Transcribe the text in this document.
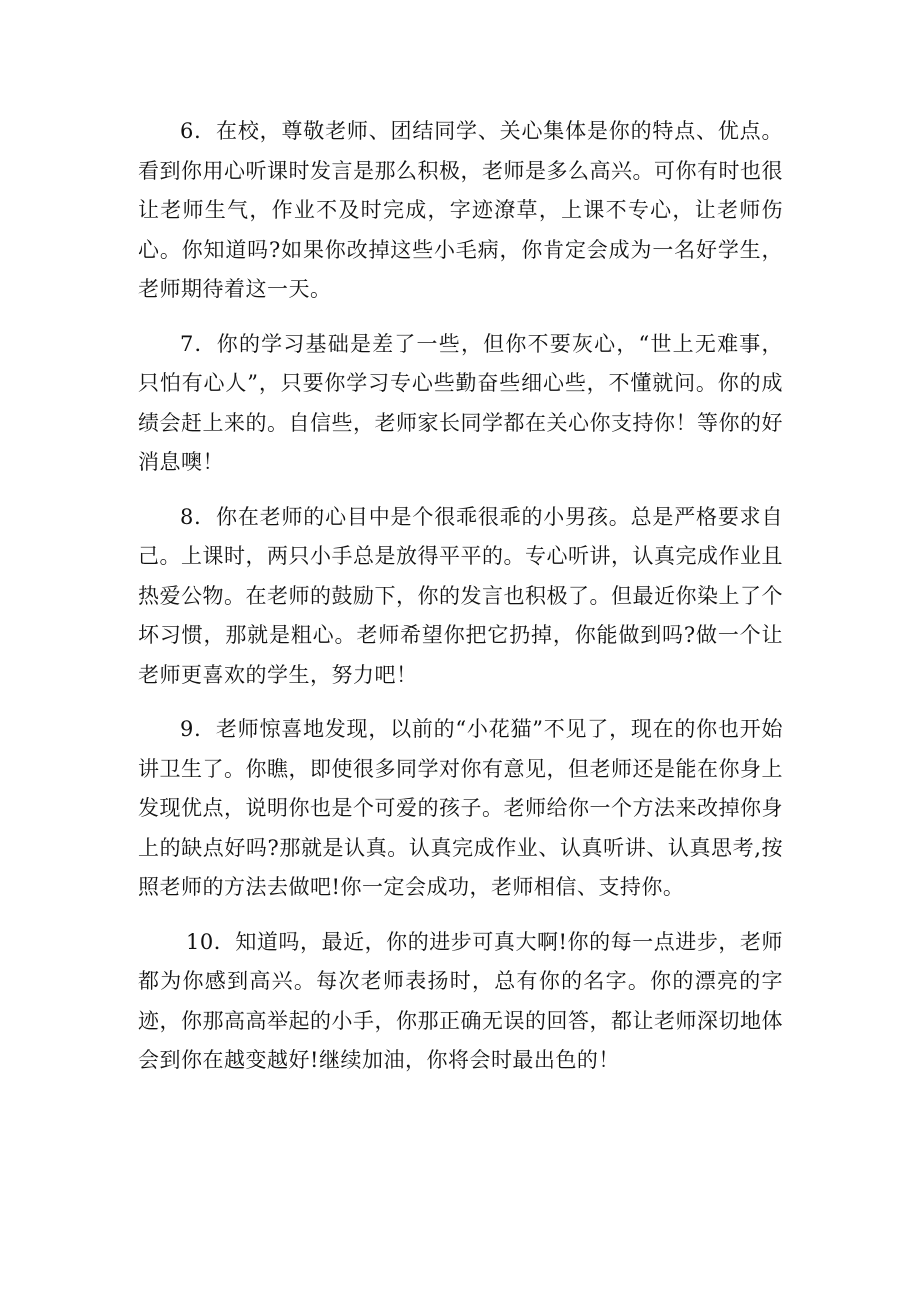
6．在校，尊敬老师、团结同学、关心集体是你的特点、优点。看到你用心听课时发言是那么积极，老师是多么高兴。可你有时也很让老师生气，作业不及时完成，字迹潦草，上课不专心，让老师伤心。你知道吗?如果你改掉这些小毛病，你肯定会成为一名好学生，老师期待着这一天。

7．你的学习基础是差了一些，但你不要灰心，“世上无难事，只怕有心人”，只要你学习专心些勤奋些细心些，不懂就问。你的成绩会赶上来的。自信些，老师家长同学都在关心你支持你！等你的好消息噢！

8．你在老师的心目中是个很乖很乖的小男孩。总是严格要求自己。上课时，两只小手总是放得平平的。专心听讲，认真完成作业且热爱公物。在老师的鼓励下，你的发言也积极了。但最近你染上了个坏习惯，那就是粗心。老师希望你把它扔掉，你能做到吗?做一个让老师更喜欢的学生，努力吧！

9．老师惊喜地发现，以前的“小花猫”不见了，现在的你也开始讲卫生了。你瞧，即使很多同学对你有意见，但老师还是能在你身上发现优点，说明你也是个可爱的孩子。老师给你一个方法来改掉你身上的缺点好吗?那就是认真。认真完成作业、认真听讲、认真思考,按照老师的方法去做吧!你一定会成功，老师相信、支持你。

10．知道吗，最近，你的进步可真大啊!你的每一点进步，老师都为你感到高兴。每次老师表扬时，总有你的名字。你的漂亮的字迹，你那高高举起的小手，你那正确无误的回答，都让老师深切地体会到你在越变越好!继续加油，你将会时最出色的！
